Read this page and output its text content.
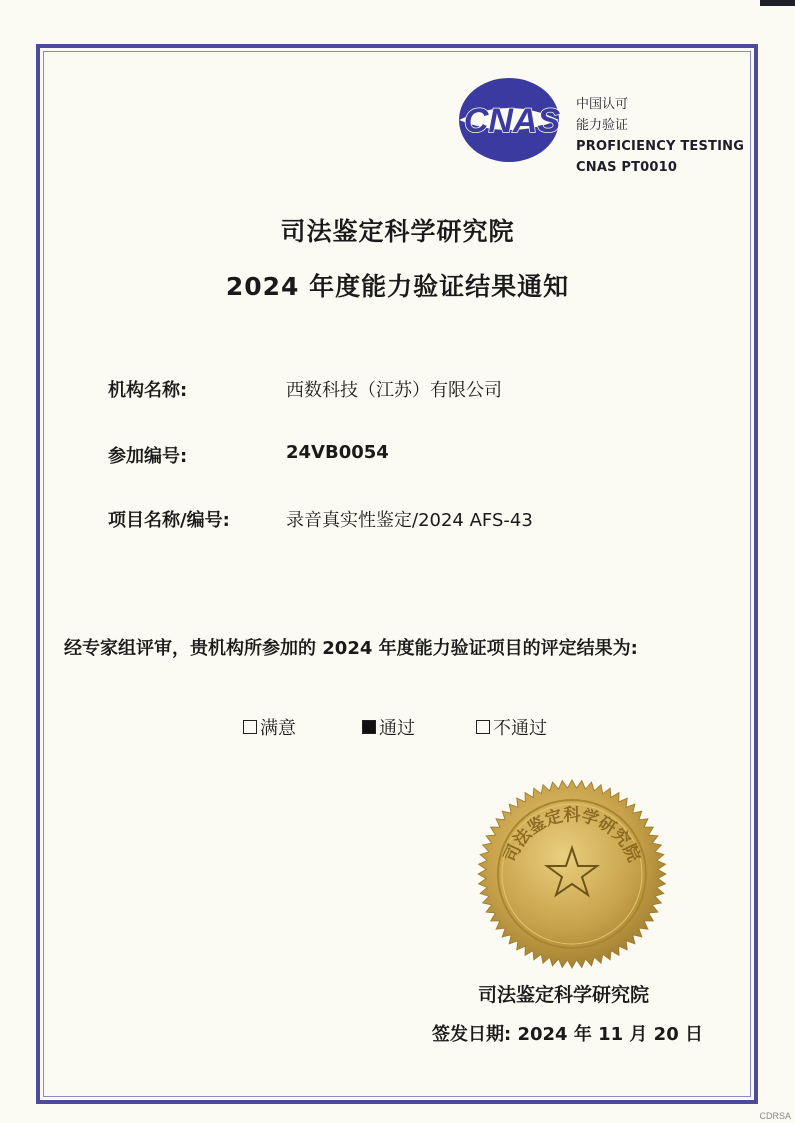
CNAS 中国认可
能力验证
PROFICIENCY TESTING
CNAS PT0010
司法鉴定科学研究院
2024 年度能力验证结果通知
机构名称:	西数科技（江苏）有限公司
参加编号:	24VB0054
项目名称/编号:	录音真实性鉴定/2024 AFS-43
经专家组评审，贵机构所参加的 2024 年度能力验证项目的评定结果为:
满意	通过	不通过
司法鉴定科学研究院
司法鉴定科学研究院
签发日期: 2024 年 11 月 20 日
CDRSA
